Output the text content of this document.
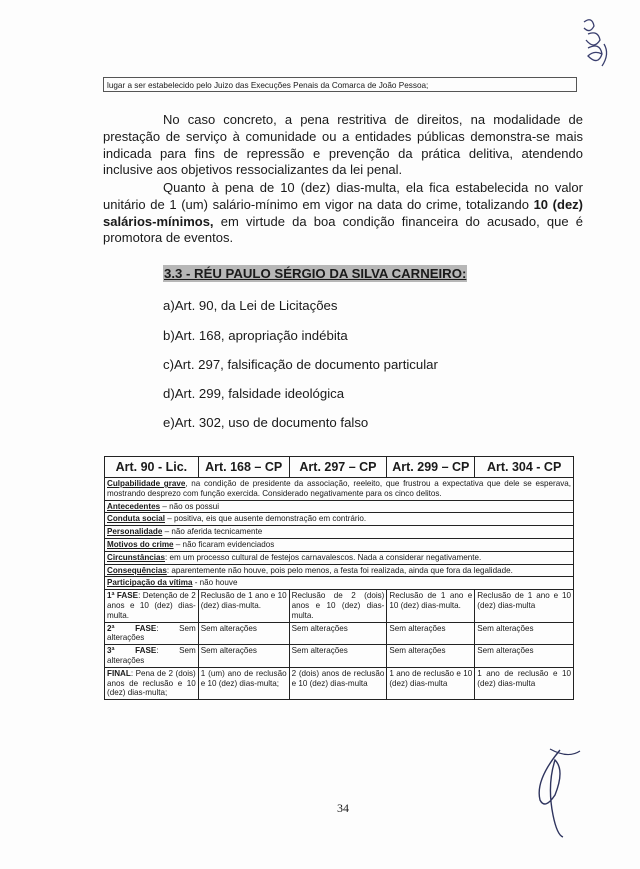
lugar a ser estabelecido pelo Juizo das Execuções Penais da Comarca de João Pessoa;

No caso concreto, a pena restritiva de direitos, na modalidade de prestação de serviço à comunidade ou a entidades públicas demonstra-se mais indicada para fins de repressão e prevenção da prática delitiva, atendendo inclusive aos objetivos ressocializantes da lei penal.

Quanto à pena de 10 (dez) dias-multa, ela fica estabelecida no valor unitário de 1 (um) salário-mínimo em vigor na data do crime, totalizando 10 (dez) salários-mínimos, em virtude da boa condição financeira do acusado, que é promotora de eventos.

3.3 - RÉU PAULO SÉRGIO DA SILVA CARNEIRO:
a)Art. 90, da Lei de Licitações
b)Art. 168, apropriação indébita
c)Art. 297, falsificação de documento particular
d)Art. 299, falsidade ideológica
e)Art. 302, uso de documento falso
Art. 90 - Lic.	Art. 168 – CP	Art. 297 – CP	Art. 299 – CP	Art. 304 - CP
Culpabilidade grave, na condição de presidente da associação, reeleito, que frustrou a expectativa que dele se esperava, mostrando desprezo com função exercida. Considerado negativamente para os cinco delitos.				
Antecedentes – não os possui				
Conduta social – positiva, eis que ausente demonstração em contrário.				
Personalidade – não aferida tecnicamente				
Motivos do crime – não ficaram evidenciados				
Circunstâncias: em um processo cultural de festejos carnavalescos. Nada a considerar negativamente.				
Consequências: aparentemente não houve, pois pelo menos, a festa foi realizada, ainda que fora da legalidade.				
Participação da vítima - não houve				
1ª FASE: Detenção de 2 anos e 10 (dez) dias-multa.	Reclusão de 1 ano e 10 (dez) dias-multa.	Reclusão de 2 (dois) anos e 10 (dez) dias-multa.	Reclusão de 1 ano e 10 (dez) dias-multa.	Reclusão de 1 ano e 10 (dez) dias-multa
2ª FASE: Sem alterações	Sem alterações	Sem alterações	Sem alterações	Sem alterações
3ª FASE: Sem alterações	Sem alterações	Sem alterações	Sem alterações	Sem alterações
FINAL: Pena de 2 (dois) anos de reclusão e 10 (dez) dias-multa;	1 (um) ano de reclusão e 10 (dez) dias-multa;	2 (dois) anos de reclusão e 10 (dez) dias-multa	1 ano de reclusão e 10 (dez) dias-multa	1 ano de reclusão e 10 (dez) dias-multa
34
